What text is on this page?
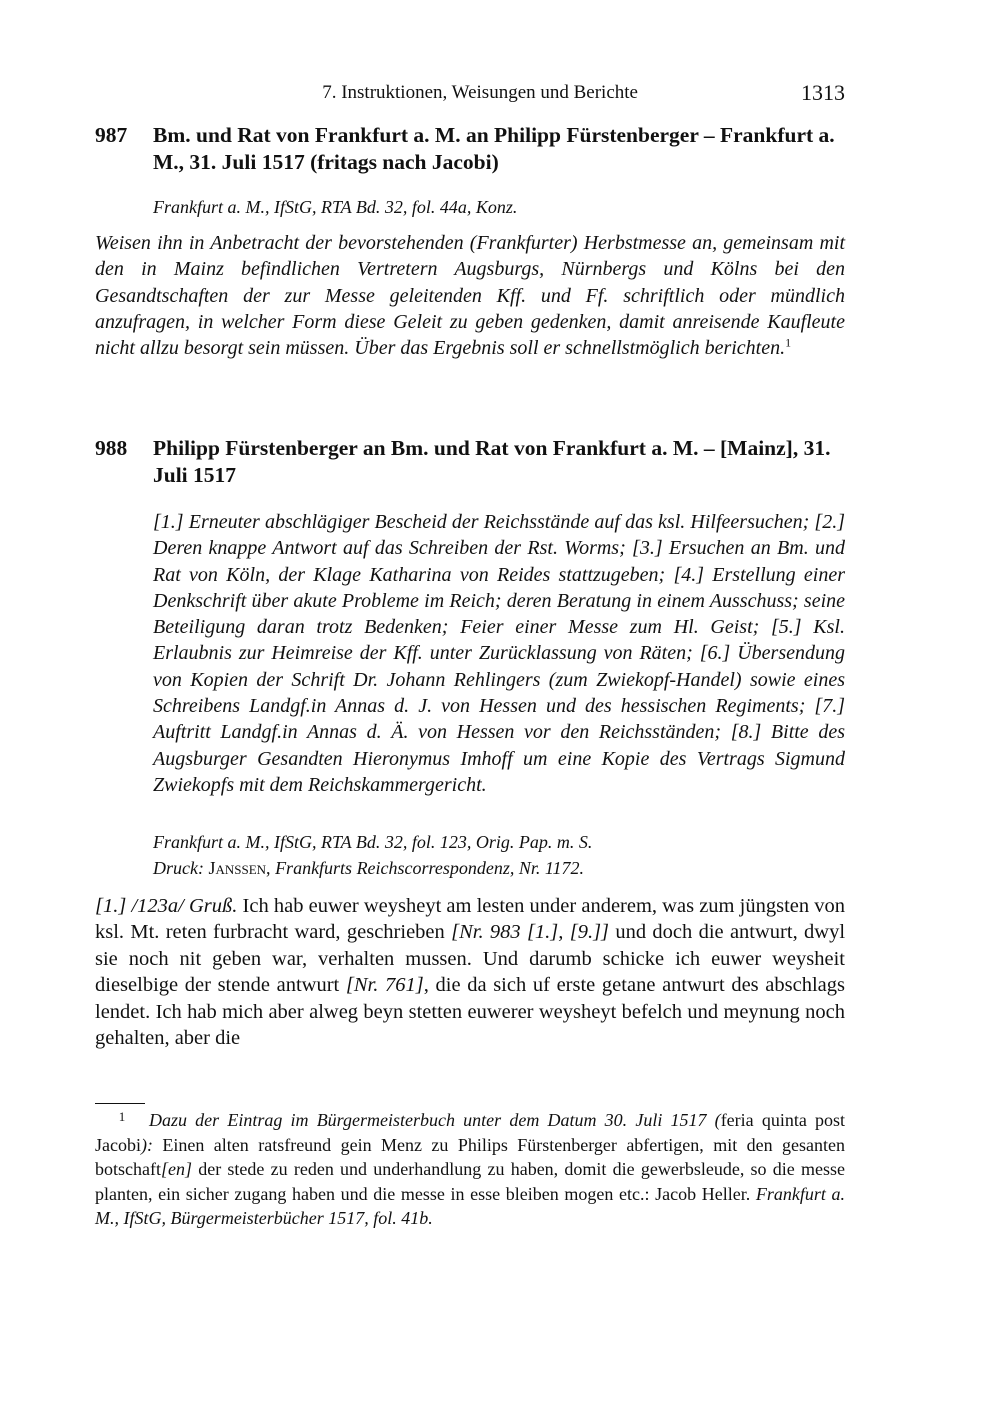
7. Instruktionen, Weisungen und Berichte	1313
987 Bm. und Rat von Frankfurt a. M. an Philipp Fürstenberger – Frankfurt a. M., 31. Juli 1517 (fritags nach Jacobi)
Frankfurt a. M., IfStG, RTA Bd. 32, fol. 44a, Konz.
Weisen ihn in Anbetracht der bevorstehenden (Frankfurter) Herbstmesse an, gemeinsam mit den in Mainz befindlichen Vertretern Augsburgs, Nürnbergs und Kölns bei den Gesandtschaften der zur Messe geleitenden Kff. und Ff. schriftlich oder mündlich anzufragen, in welcher Form diese Geleit zu geben gedenken, damit anreisende Kaufleute nicht allzu besorgt sein müssen. Über das Ergebnis soll er schnellstmöglich berichten.$^1$
988 Philipp Fürstenberger an Bm. und Rat von Frankfurt a. M. – [Mainz], 31. Juli 1517
[1.] Erneuter abschlägiger Bescheid der Reichsstände auf das ksl. Hilfeersuchen; [2.] Deren knappe Antwort auf das Schreiben der Rst. Worms; [3.] Ersuchen an Bm. und Rat von Köln, der Klage Katharina von Reides stattzugeben; [4.] Erstellung einer Denkschrift über akute Probleme im Reich; deren Beratung in einem Ausschuss; seine Beteiligung daran trotz Bedenken; Feier einer Messe zum Hl. Geist; [5.] Ksl. Erlaubnis zur Heimreise der Kff. unter Zurücklassung von Räten; [6.] Übersendung von Kopien der Schrift Dr. Johann Rehlingers (zum Zwiekopf-Handel) sowie eines Schreibens Landgf.in Annas d. J. von Hessen und des hessischen Regiments; [7.] Auftritt Landgf.in Annas d. Ä. von Hessen vor den Reichsständen; [8.] Bitte des Augsburger Gesandten Hieronymus Imhoff um eine Kopie des Vertrags Sigmund Zwiekopfs mit dem Reichskammergericht.
Frankfurt a. M., IfStG, RTA Bd. 32, fol. 123, Orig. Pap. m. S.
Druck: Janssen, Frankfurts Reichscorrespondenz, Nr. 1172.
[1.] /123a/ Gruß. Ich hab euwer weysheyt am lesten under anderem, was zum jüngsten von ksl. Mt. reten furbracht ward, geschrieben [Nr. 983 [1.], [9.]] und doch die antwurt, dwyl sie noch nit geben war, verhalten mussen. Und darumb schicke ich euwer weysheit dieselbige der stende antwurt [Nr. 761], die da sich uf erste getane antwurt des abschlags lendet. Ich hab mich aber alweg beyn stetten euwerer weysheyt befelch und meynung noch gehalten, aber die
1 Dazu der Eintrag im Bürgermeisterbuch unter dem Datum 30. Juli 1517 (feria quinta post Jacobi): Einen alten ratsfreund gein Menz zu Philips Fürstenberger abfertigen, mit den gesanten botschaft[en] der stede zu reden und underhandlung zu haben, domit die gewerbsleude, so die messe planten, ein sicher zugang haben und die messe in esse bleiben mogen etc.: Jacob Heller. Frankfurt a. M., IfStG, Bürgermeisterbücher 1517, fol. 41b.
